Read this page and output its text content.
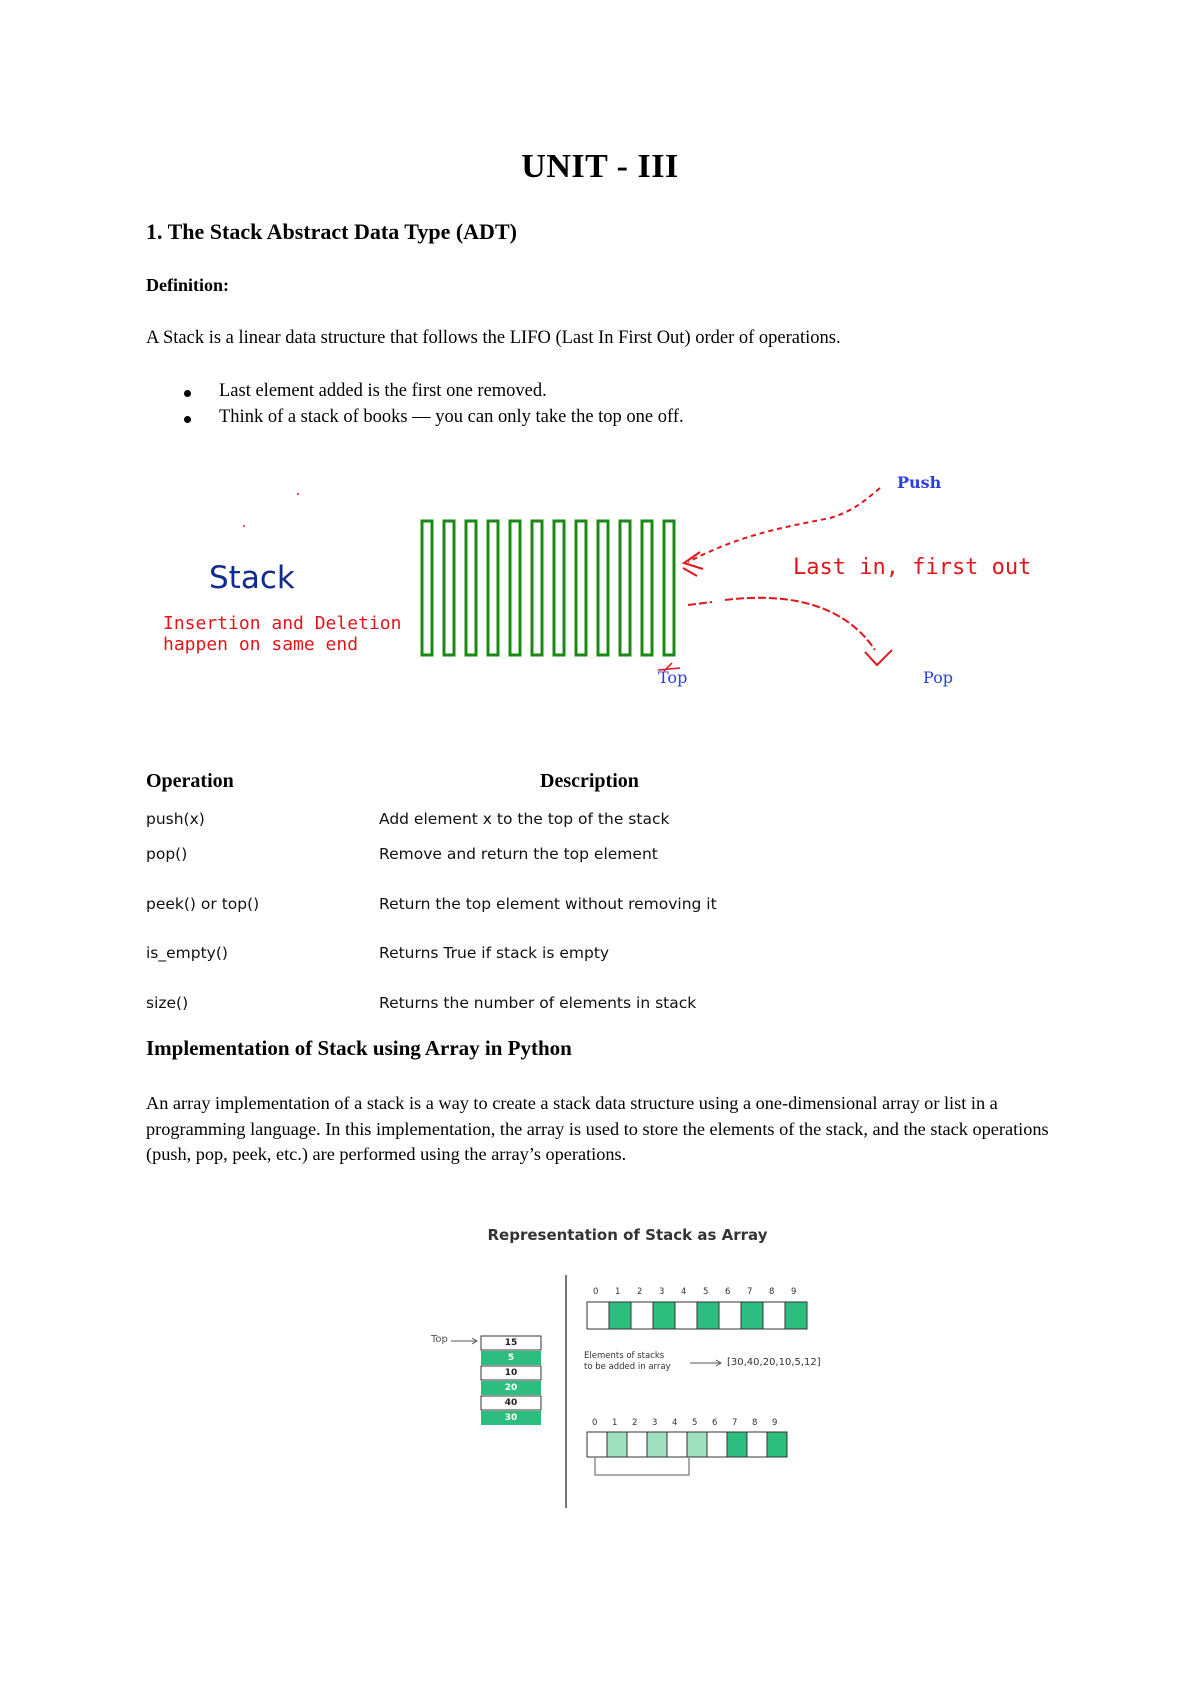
UNIT - III
1. The Stack Abstract Data Type (ADT)
Definition:
A Stack is a linear data structure that follows the LIFO (Last In First Out) order of operations.
Last element added is the first one removed.
Think of a stack of books — you can only take the top one off.
Stack
Insertion and Deletion
happen on same end
Push
Last in, first out
Top	Pop
Operation	Description
push(x)	Add element x to the top of the stack
pop()	Remove and return the top element
peek() or top()	Return the top element without removing it
is_empty()	Returns True if stack is empty
size()	Returns the number of elements in stack
Implementation of Stack using Array in Python
An array implementation of a stack is a way to create a stack data structure using a one-dimensional array or list in a programming language. In this implementation, the array is used to store the elements of the stack, and the stack operations (push, pop, peek, etc.) are performed using the array’s operations.
Representation of Stack as Array
Top	15
5
10
20
40
30
0 1 2 3 4 5 6 7 8 9
Elements of stacks
to be added in array	[30,40,20,10,5,12]
0 1 2 3 4 5 6 7 8 9
